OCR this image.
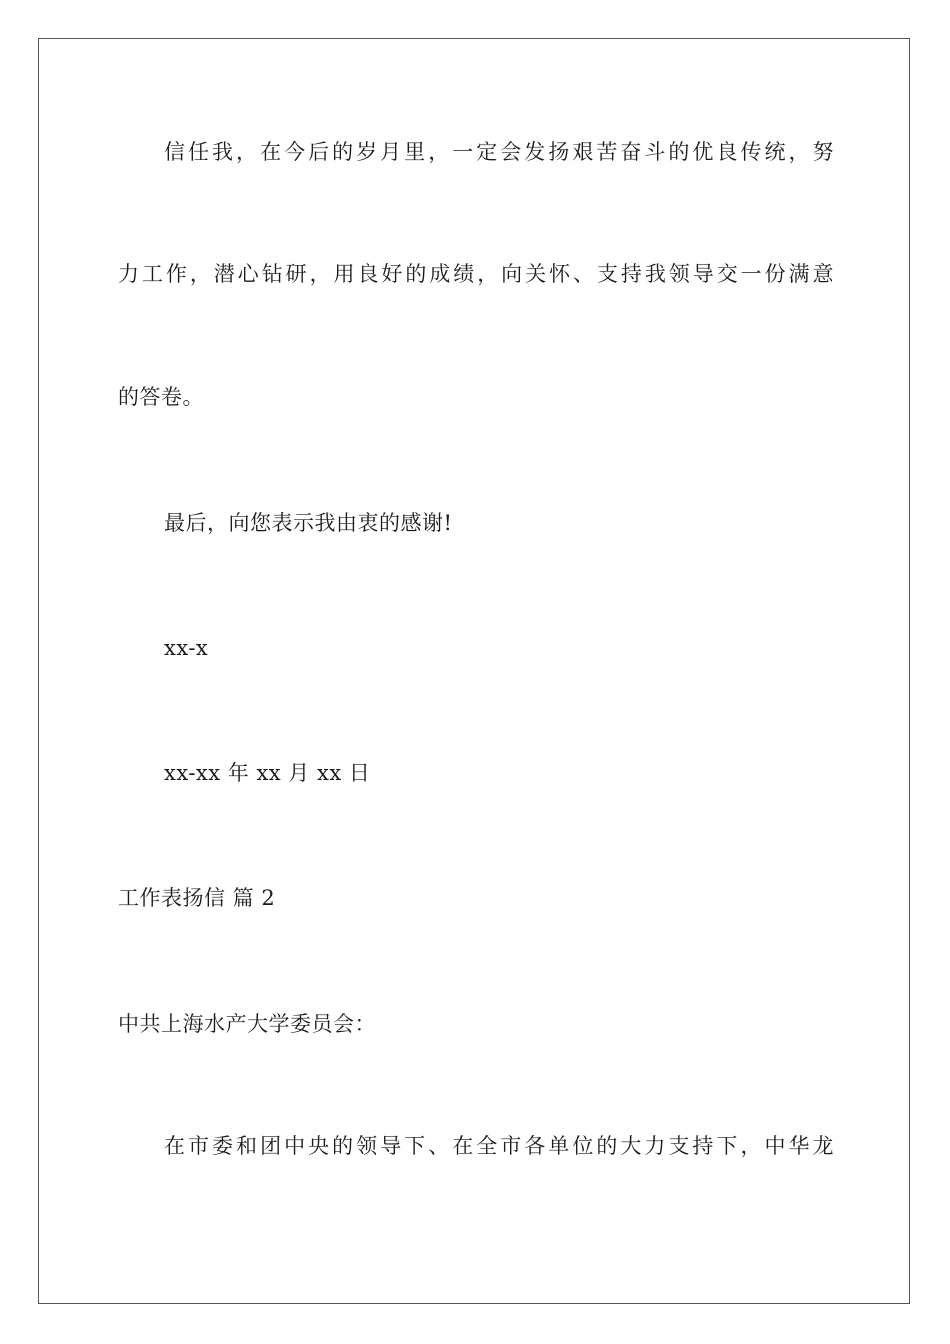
信任我，在今后的岁月里，一定会发扬艰苦奋斗的优良传统，努
力工作，潜心钻研，用良好的成绩，向关怀、支持我领导交一份满意
的答卷。
最后，向您表示我由衷的感谢!
xx-x
xx-xx 年 xx 月 xx 日
工作表扬信 篇 2
中共上海水产大学委员会：
在市委和团中央的领导下、在全市各单位的大力支持下，中华龙
